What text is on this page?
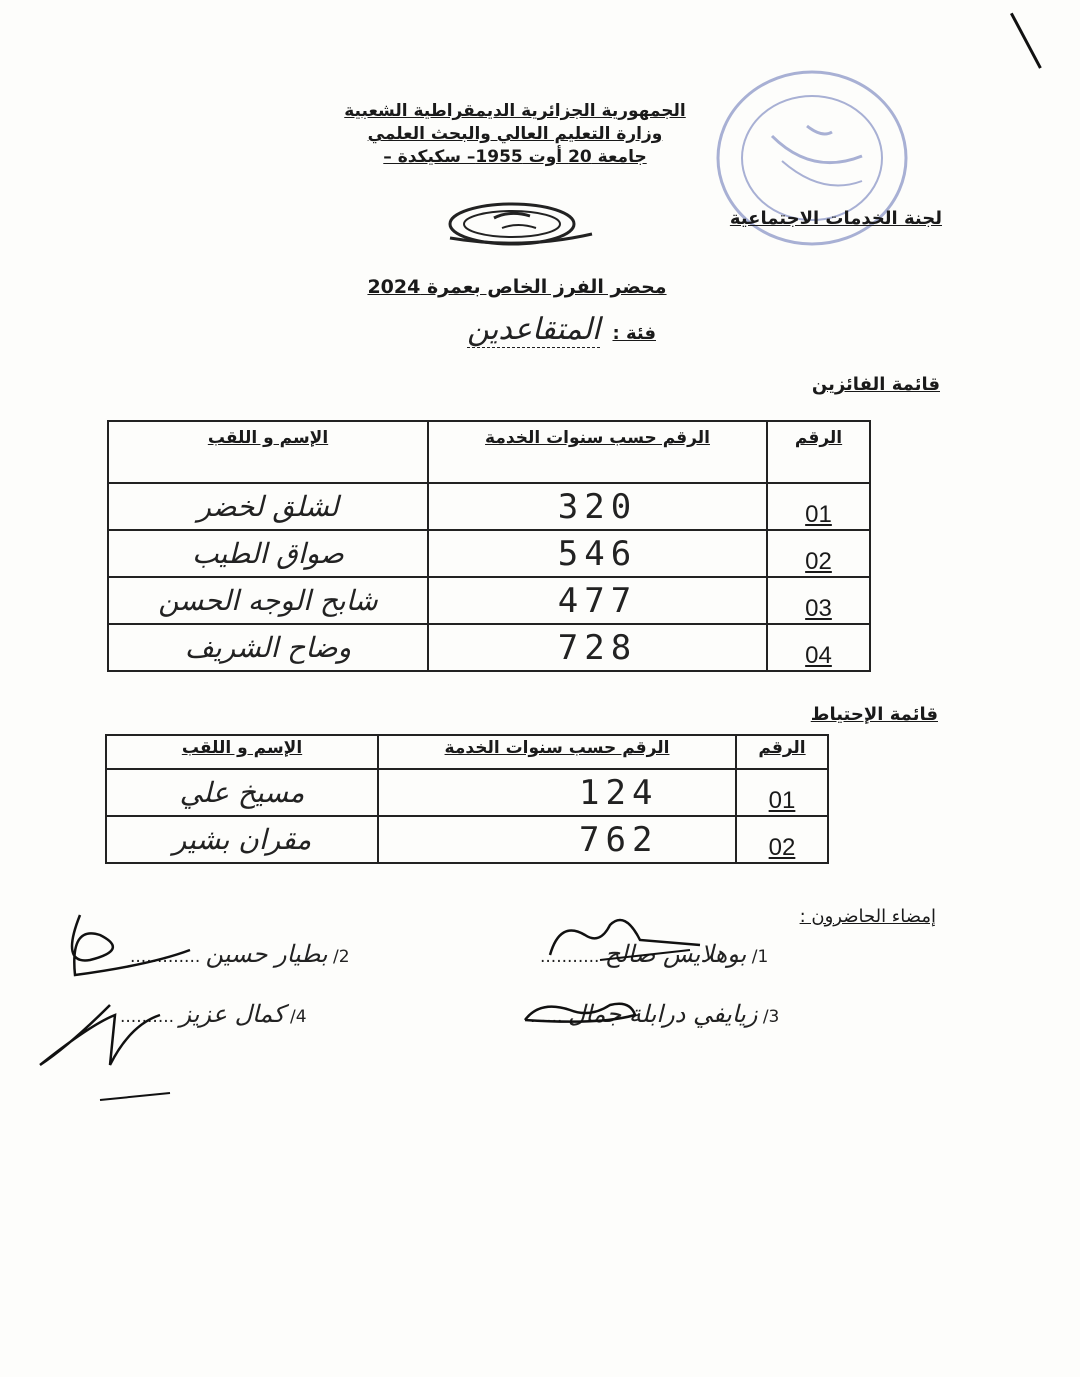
الجمهورية الجزائرية الديمقراطية الشعبية
وزارة التعليم العالي والبحث العلمي
جامعة 20 أوت 1955– سكيكدة –
لجنة الخدمات الاجتماعية
محضر الفرز الخاص بعمرة 2024
فئة : المتقاعدين
قائمة الفائزين
الرقم	الرقم حسب سنوات الخدمة	الإسم و اللقب
01	320	لشلق لخضر
02	546	صواق الطيب
03	477	شابح الوجه الحسن
04	728	وضاح الشريف
قائمة الإحتياط
الرقم	الرقم حسب سنوات الخدمة	الإسم و اللقب
01	124	مسيخ علي
02	762	مقران بشير
إمضاء الحاضرون :
........... بوهلايس صالح /1
............. بطيار حسين /2
...... زيايفي درابلة جمال /3
.......... كمال عزيز /4
